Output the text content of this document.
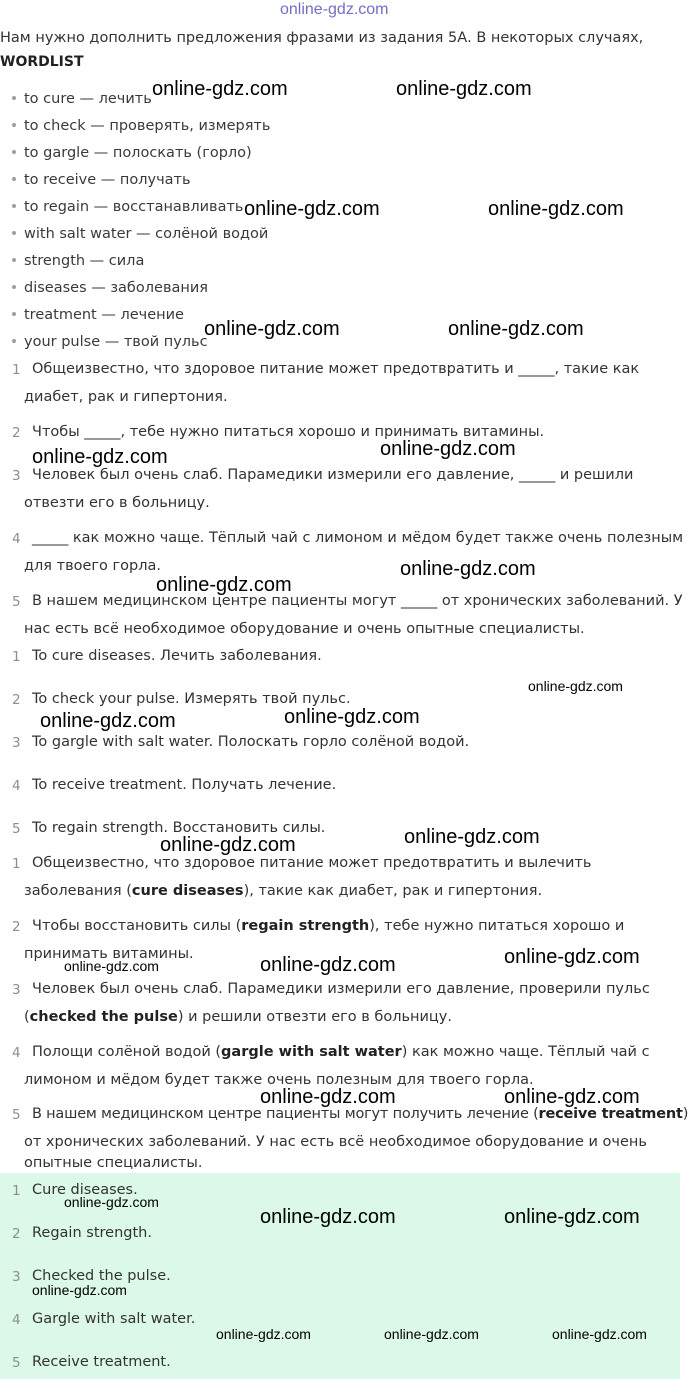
online-gdz.com
Нам нужно дополнить предложения фразами из задания 5А. В некоторых случаях,
WORDLIST
to cure — лечить
to check — проверять, измерять
to gargle — полоскать (горло)
to receive — получать
to regain — восстанавливать
with salt water — солёной водой
strength — сила
diseases — заболевания
treatment — лечение
your pulse — твой пульс
1 Общеизвестно, что здоровое питание может предотвратить и _____, такие как
диабет, рак и гипертония.
2 Чтобы _____, тебе нужно питаться хорошо и принимать витамины.
3 Человек был очень слаб. Парамедики измерили его давление, _____ и решили
отвезти его в больницу.
4 _____ как можно чаще. Тёплый чай с лимоном и мёдом будет также очень полезным
для твоего горла.
5 В нашем медицинском центре пациенты могут _____ от хронических заболеваний. У
нас есть всё необходимое оборудование и очень опытные специалисты.
1 To cure diseases. Лечить заболевания.
2 To check your pulse. Измерять твой пульс.
3 To gargle with salt water. Полоскать горло солёной водой.
4 To receive treatment. Получать лечение.
5 To regain strength. Восстановить силы.
1 Общеизвестно, что здоровое питание может предотвратить и вылечить
заболевания (cure diseases), такие как диабет, рак и гипертония.
2 Чтобы восстановить силы (regain strength), тебе нужно питаться хорошо и
принимать витамины.
3 Человек был очень слаб. Парамедики измерили его давление, проверили пульс
(checked the pulse) и решили отвезти его в больницу.
4 Полощи солёной водой (gargle with salt water) как можно чаще. Тёплый чай с
лимоном и мёдом будет также очень полезным для твоего горла.
5 В нашем медицинском центре пациенты могут получить лечение (receive treatment)
от хронических заболеваний. У нас есть всё необходимое оборудование и очень
опытные специалисты.
1 Cure diseases.
2 Regain strength.
3 Checked the pulse.
4 Gargle with salt water.
5 Receive treatment.
online-gdz.com	online-gdz.com
online-gdz.com	online-gdz.com
online-gdz.com	online-gdz.com
online-gdz.com
online-gdz.com
online-gdz.com
online-gdz.com
online-gdz.com
online-gdz.com	online-gdz.com
online-gdz.com
online-gdz.com
online-gdz.com	online-gdz.com	online-gdz.com
online-gdz.com	online-gdz.com
online-gdz.com
online-gdz.com	online-gdz.com
online-gdz.com
online-gdz.com	online-gdz.com	online-gdz.com
